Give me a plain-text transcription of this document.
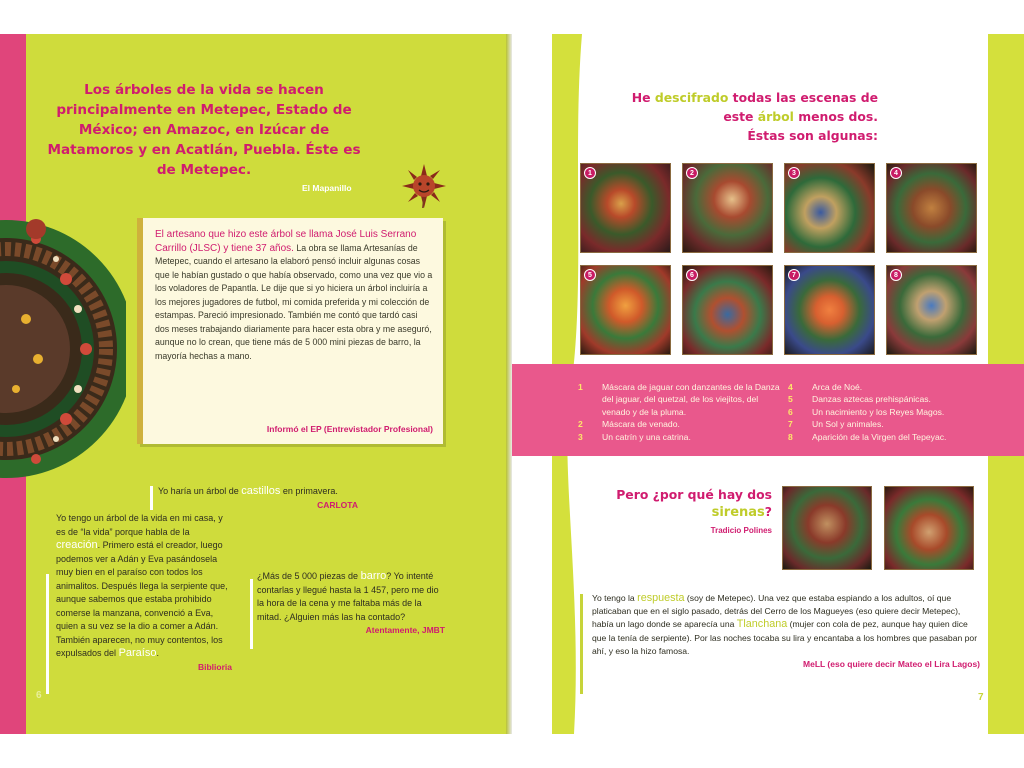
Los árboles de la vida se hacen principalmente en Metepec, Estado de México; en Amazoc, en Izúcar de Matamoros y en Acatlán, Puebla. Éste es de Metepec.
El Mapanillo
El artesano que hizo este árbol se llama José Luis Serrano Carrillo (JLSC) y tiene 37 años. La obra se llama Artesanías de Metepec, cuando el artesano la elaboró pensó incluir algunas cosas que le habían gustado o que había observado, como una vez que vio a los voladores de Papantla. Le dije que si yo hiciera un árbol incluiría a los mejores jugadores de futbol, mi comida preferida y mi colección de estampas. Pareció impresionado. También me contó que tardó casi dos meses trabajando diariamente para hacer esta obra y me aseguró, aunque no lo crean, que tiene más de 5 000 mini piezas de barro, la mayoría hechas a mano.
Informó el EP (Entrevistador Profesional)
Yo haría un árbol de castillos en primavera.
CARLOTA
Yo tengo un árbol de la vida en mi casa, y es de “la vida” porque habla de la creación. Primero está el creador, luego podemos ver a Adán y Eva pasándosela muy bien en el paraíso con todos los animalitos. Después llega la serpiente que, aunque sabemos que estaba prohibido comerse la manzana, convenció a Eva, quien a su vez se la dio a comer a Adán. También aparecen, no muy contentos, los expulsados del Paraíso.
Biblioria
¿Más de 5 000 piezas de barro? Yo intenté contarlas y llegué hasta la 1 457, pero me dio la hora de la cena y me faltaba más de la mitad. ¿Alguien más las ha contado?
Atentamente, JMBT
6
He descifrado todas las escenas de este árbol menos dos.
Éstas son algunas:
1	2	3	4
5	6	7	8
1 Máscara de jaguar con danzantes de la Danza del jaguar, del quetzal, de los viejitos, del venado y de la pluma.
2 Máscara de venado.
3 Un catrín y una catrina.
4 Arca de Noé.
5 Danzas aztecas prehispánicas.
6 Un nacimiento y los Reyes Magos.
7 Un Sol y animales.
8 Aparición de la Virgen del Tepeyac.
Pero ¿por qué hay dos sirenas?
Tradicio Polines
Yo tengo la respuesta (soy de Metepec). Una vez que estaba espiando a los adultos, oí que platicaban que en el siglo pasado, detrás del Cerro de los Magueyes (eso quiere decir Metepec), había un lago donde se aparecía una Tlanchana (mujer con cola de pez, aunque hay quien dice que la tenía de serpiente). Por las noches tocaba su lira y encantaba a los hombres que pasaban por ahí, y eso la hizo famosa.
MeLL (eso quiere decir Mateo el Lira Lagos)
7
